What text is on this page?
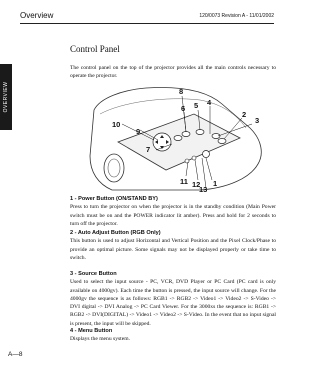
OVERVIEW
Overview	120/0073 Revision A - 11/01/2002
Control Panel
The control panel on the top of the projector provides all the main controls necessary to operate the projector.
8
6 5 4
10
9
2
3
7
11 12 1
13
1 - Power Button (ON/STAND BY)
Press to turn the projector on when the projector is in the standby condition (Main Power switch must be on and the POWER indicator lit amber). Press and hold for 2 seconds to turn off the projector.
2 - Auto Adjust Button (RGB Only)
This button is used to adjust Horizontal and Vertical Position and the Pixel Clock/Phase to provide an optimal picture. Some signals may not be displayed properly or take time to switch.
3 - Source Button
Used to select the input source - PC, VCR, DVD Player or PC Card (PC card is only available on 4000gv). Each time the button is pressed, the input source will change. For the 4000gv the sequence is as follows: RGB1 -> RGB2 -> Video1 -> Video2 -> S-Video -> DVI digital -> DVI Analog -> PC Card Viewer. For the 3000xs the sequence is: RGB1 -> RGB2 -> DVI(DIGITAL) -> Video1 -> Video2 -> S-Video. In the event that no input signal is present, the input will be skipped.
4 - Menu Button
Displays the menu system.
A—8
